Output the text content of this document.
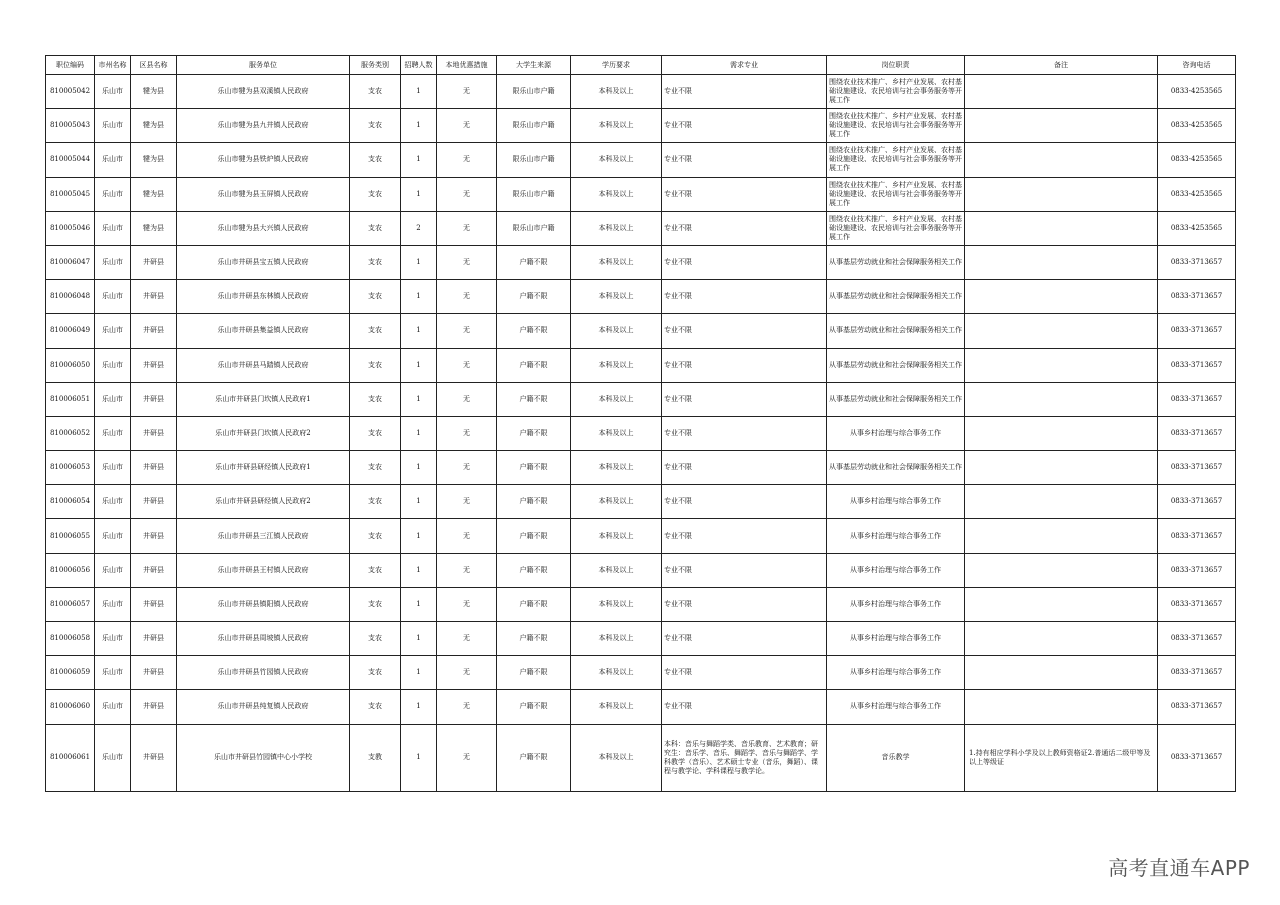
职位编码	市州名称	区县名称	服务单位	服务类别	招聘人数	本地优惠措施	大学生来源	学历要求	需求专业	岗位职责	备注	咨询电话
810005042	乐山市	犍为县	乐山市犍为县双溪镇人民政府	支农	1	无	限乐山市户籍	本科及以上	专业不限	围绕农业技术推广、乡村产业发展、农村基础设施建设、农民培训与社会事务服务等开展工作		0833-4253565
810005043	乐山市	犍为县	乐山市犍为县九井镇人民政府	支农	1	无	限乐山市户籍	本科及以上	专业不限	围绕农业技术推广、乡村产业发展、农村基础设施建设、农民培训与社会事务服务等开展工作		0833-4253565
810005044	乐山市	犍为县	乐山市犍为县铁炉镇人民政府	支农	1	无	限乐山市户籍	本科及以上	专业不限	围绕农业技术推广、乡村产业发展、农村基础设施建设、农民培训与社会事务服务等开展工作		0833-4253565
810005045	乐山市	犍为县	乐山市犍为县玉屏镇人民政府	支农	1	无	限乐山市户籍	本科及以上	专业不限	围绕农业技术推广、乡村产业发展、农村基础设施建设、农民培训与社会事务服务等开展工作		0833-4253565
810005046	乐山市	犍为县	乐山市犍为县大兴镇人民政府	支农	2	无	限乐山市户籍	本科及以上	专业不限	围绕农业技术推广、乡村产业发展、农村基础设施建设、农民培训与社会事务服务等开展工作		0833-4253565
810006047	乐山市	井研县	乐山市井研县宝五镇人民政府	支农	1	无	户籍不限	本科及以上	专业不限	从事基层劳动就业和社会保障服务相关工作		0833-3713657
810006048	乐山市	井研县	乐山市井研县东林镇人民政府	支农	1	无	户籍不限	本科及以上	专业不限	从事基层劳动就业和社会保障服务相关工作		0833-3713657
810006049	乐山市	井研县	乐山市井研县集益镇人民政府	支农	1	无	户籍不限	本科及以上	专业不限	从事基层劳动就业和社会保障服务相关工作		0833-3713657
810006050	乐山市	井研县	乐山市井研县马踏镇人民政府	支农	1	无	户籍不限	本科及以上	专业不限	从事基层劳动就业和社会保障服务相关工作		0833-3713657
810006051	乐山市	井研县	乐山市井研县门坎镇人民政府1	支农	1	无	户籍不限	本科及以上	专业不限	从事基层劳动就业和社会保障服务相关工作		0833-3713657
810006052	乐山市	井研县	乐山市井研县门坎镇人民政府2	支农	1	无	户籍不限	本科及以上	专业不限	从事乡村治理与综合事务工作		0833-3713657
810006053	乐山市	井研县	乐山市井研县研经镇人民政府1	支农	1	无	户籍不限	本科及以上	专业不限	从事基层劳动就业和社会保障服务相关工作		0833-3713657
810006054	乐山市	井研县	乐山市井研县研经镇人民政府2	支农	1	无	户籍不限	本科及以上	专业不限	从事乡村治理与综合事务工作		0833-3713657
810006055	乐山市	井研县	乐山市井研县三江镇人民政府	支农	1	无	户籍不限	本科及以上	专业不限	从事乡村治理与综合事务工作		0833-3713657
810006056	乐山市	井研县	乐山市井研县王村镇人民政府	支农	1	无	户籍不限	本科及以上	专业不限	从事乡村治理与综合事务工作		0833-3713657
810006057	乐山市	井研县	乐山市井研县镇阳镇人民政府	支农	1	无	户籍不限	本科及以上	专业不限	从事乡村治理与综合事务工作		0833-3713657
810006058	乐山市	井研县	乐山市井研县周坡镇人民政府	支农	1	无	户籍不限	本科及以上	专业不限	从事乡村治理与综合事务工作		0833-3713657
810006059	乐山市	井研县	乐山市井研县竹园镇人民政府	支农	1	无	户籍不限	本科及以上	专业不限	从事乡村治理与综合事务工作		0833-3713657
810006060	乐山市	井研县	乐山市井研县纯复镇人民政府	支农	1	无	户籍不限	本科及以上	专业不限	从事乡村治理与综合事务工作		0833-3713657
810006061	乐山市	井研县	乐山市井研县竹园镇中心小学校	支教	1	无	户籍不限	本科及以上	本科：音乐与舞蹈学类、音乐教育、艺术教育；研究生：音乐学、音乐、舞蹈学、音乐与舞蹈学、学科教学（音乐）、艺术硕士专业（音乐，舞蹈）、课程与教学论、学科课程与教学论。	音乐教学	1.持有相应学科小学及以上教师资格证2.普通话二级甲等及以上等级证	0833-3713657
高考直通车APP
